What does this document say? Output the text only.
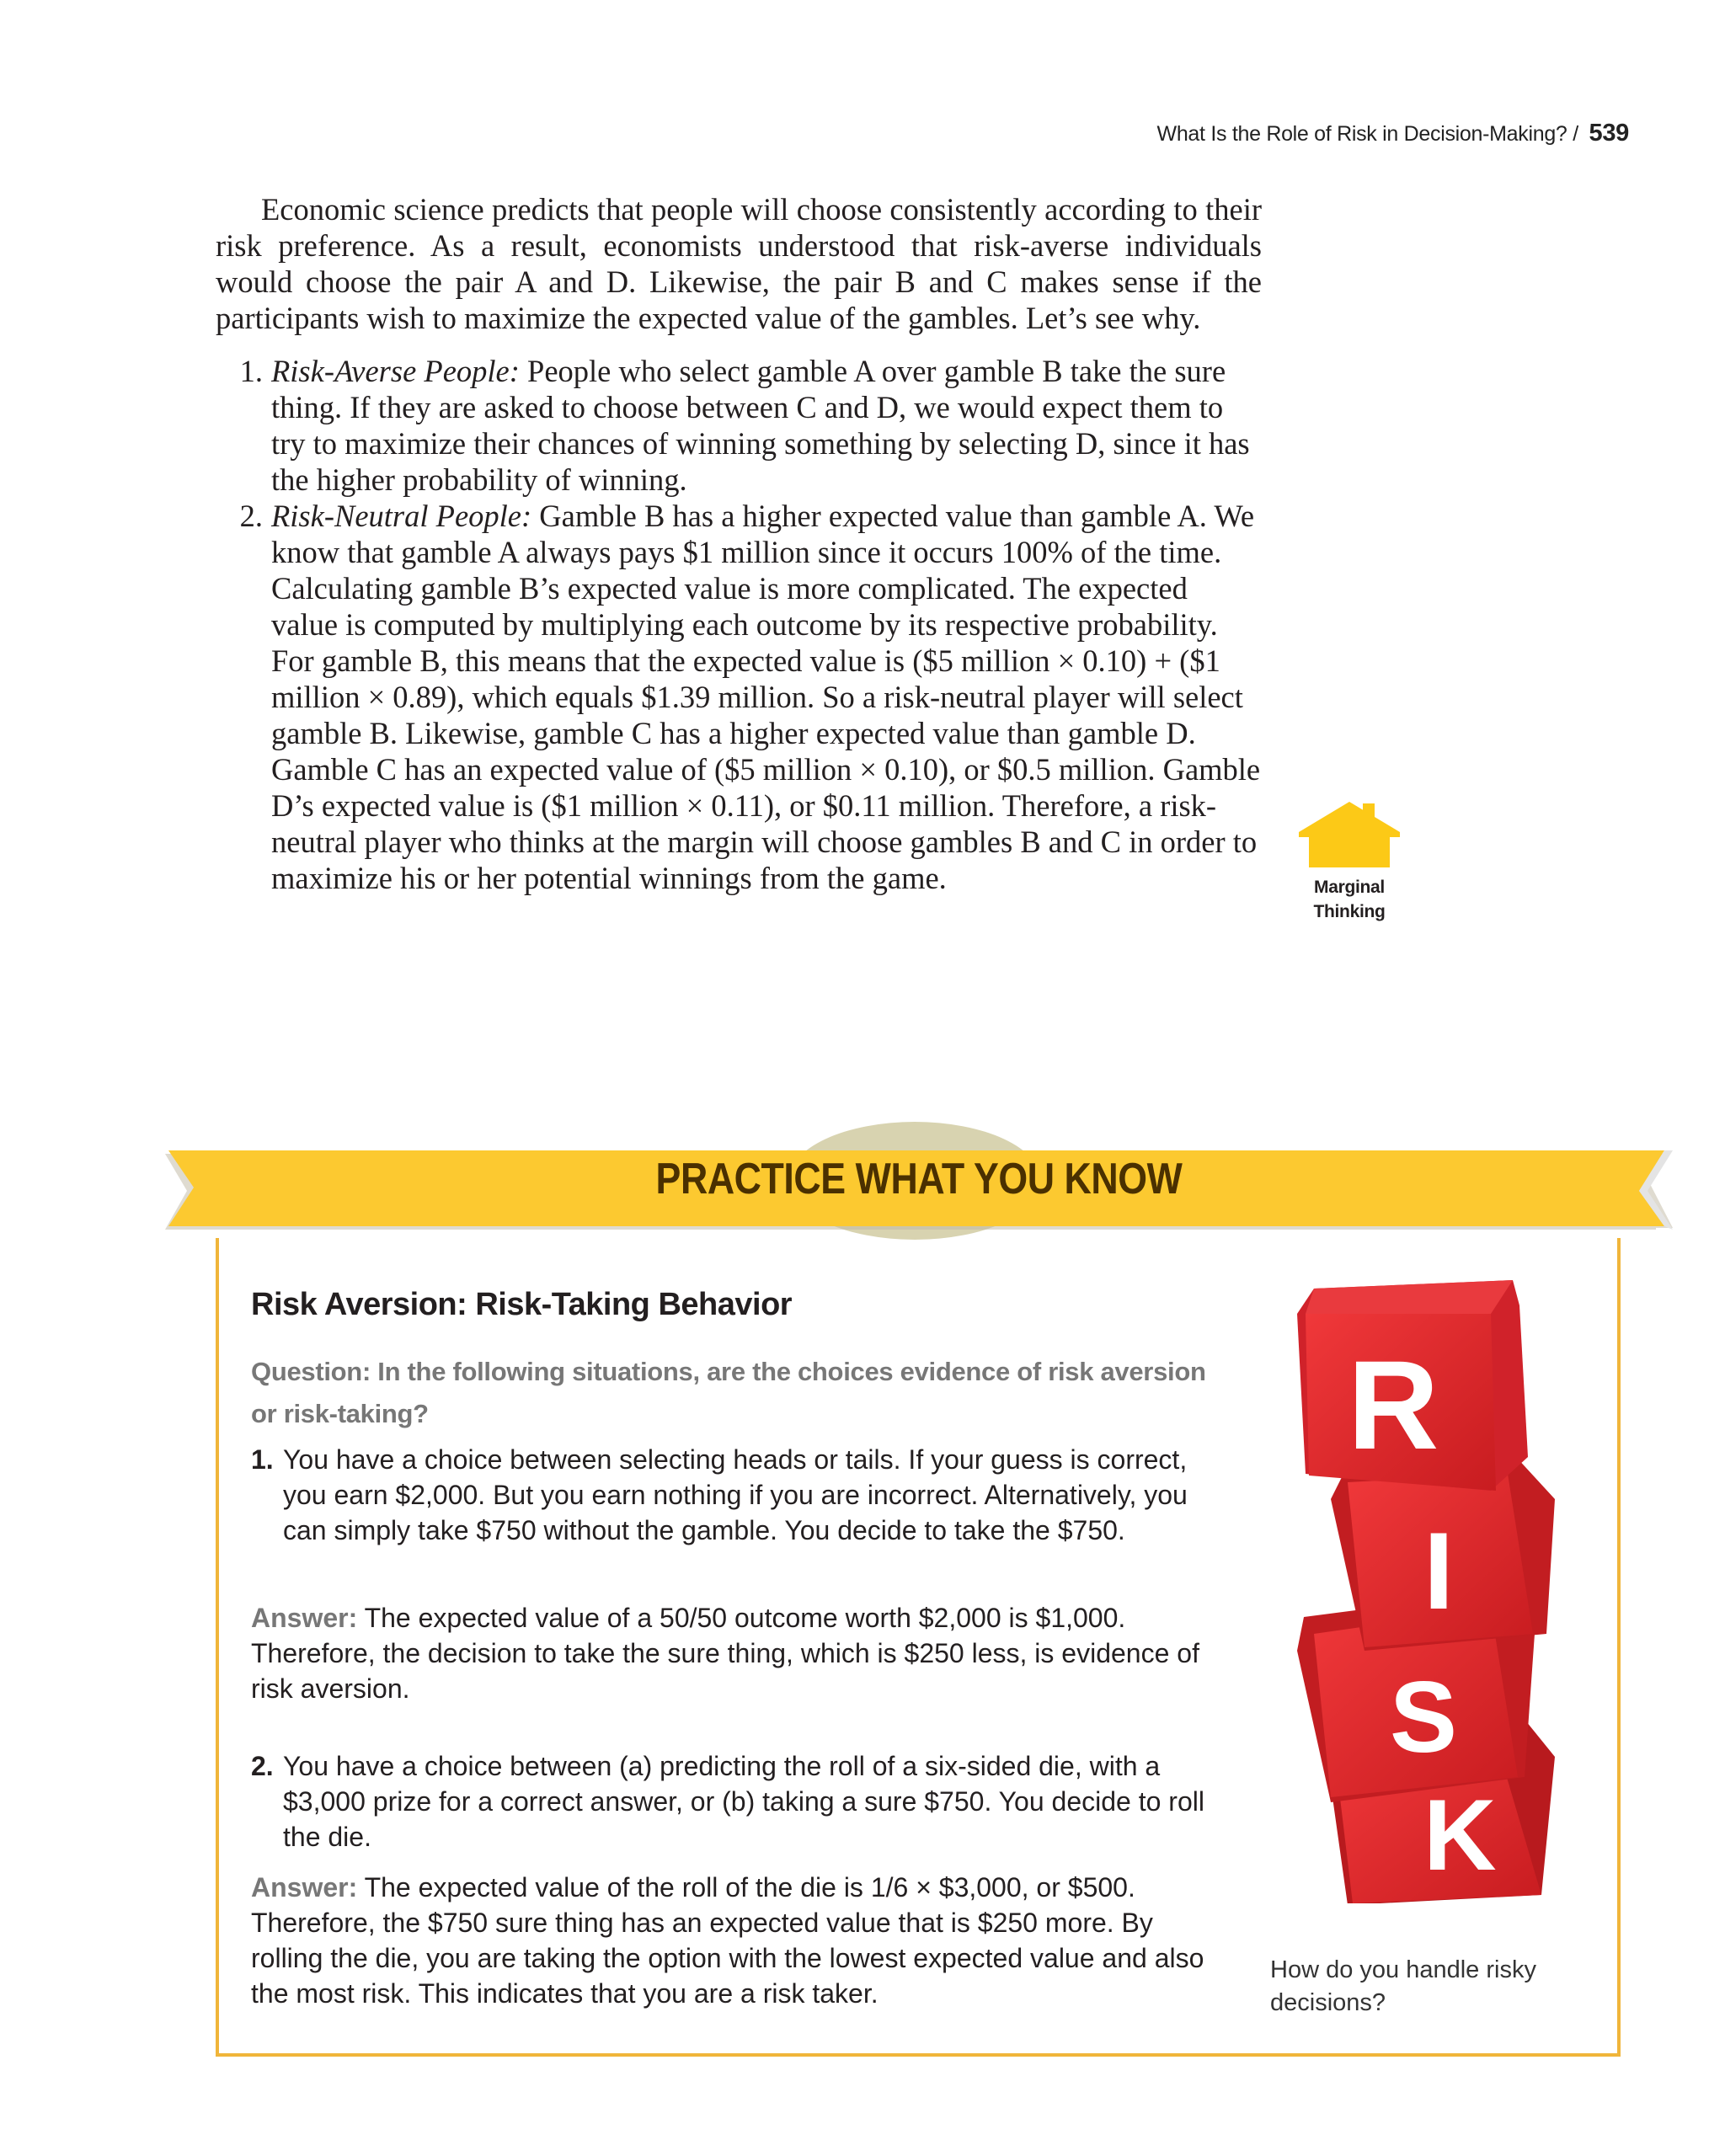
What Is the Role of Risk in Decision-Making? / 539

Economic science predicts that people will choose consistently according to their risk preference. As a result, economists understood that risk-averse individuals would choose the pair A and D. Likewise, the pair B and C makes sense if the participants wish to maximize the expected value of the gambles. Let’s see why.

1. Risk-Averse People: People who select gamble A over gamble B take the sure thing. If they are asked to choose between C and D, we would expect them to try to maximize their chances of winning something by selecting D, since it has the higher probability of winning.
2. Risk-Neutral People: Gamble B has a higher expected value than gamble A. We know that gamble A always pays $1 million since it occurs 100% of the time. Calculating gamble B’s expected value is more complicated. The expected value is computed by multiplying each outcome by its respective probability. For gamble B, this means that the expected value is ($5 million × 0.10) + ($1 million × 0.89), which equals $1.39 million. So a risk-neutral player will select gamble B. Likewise, gamble C has a higher expected value than gamble D. Gamble C has an expected value of ($5 million × 0.10), or $0.5 million. Gamble D’s expected value is ($1 million × 0.11), or $0.11 million. Therefore, a risk-neutral player who thinks at the margin will choose gambles B and C in order to maximize his or her potential winnings from the game.	Marginal
Thinking
PRACTICE WHAT YOU KNOW
Risk Aversion: Risk-Taking Behavior
Question: In the following situations, are the choices evidence of risk aversion or risk-taking?
1. You have a choice between selecting heads or tails. If your guess is correct, you earn $2,000. But you earn nothing if you are incorrect. Alternatively, you can simply take $750 without the gamble. You decide to take the $750.
Answer: The expected value of a 50/50 outcome worth $2,000 is $1,000. Therefore, the decision to take the sure thing, which is $250 less, is evidence of risk aversion.
2. You have a choice between (a) predicting the roll of a six-sided die, with a $3,000 prize for a correct answer, or (b) taking a sure $750. You decide to roll the die.
Answer: The expected value of the roll of the die is 1/6 × $3,000, or $500. Therefore, the $750 sure thing has an expected value that is $250 more. By rolling the die, you are taking the option with the lowest expected value and also the most risk. This indicates that you are a risk taker.
K
S
I
R
How do you handle risky decisions?
